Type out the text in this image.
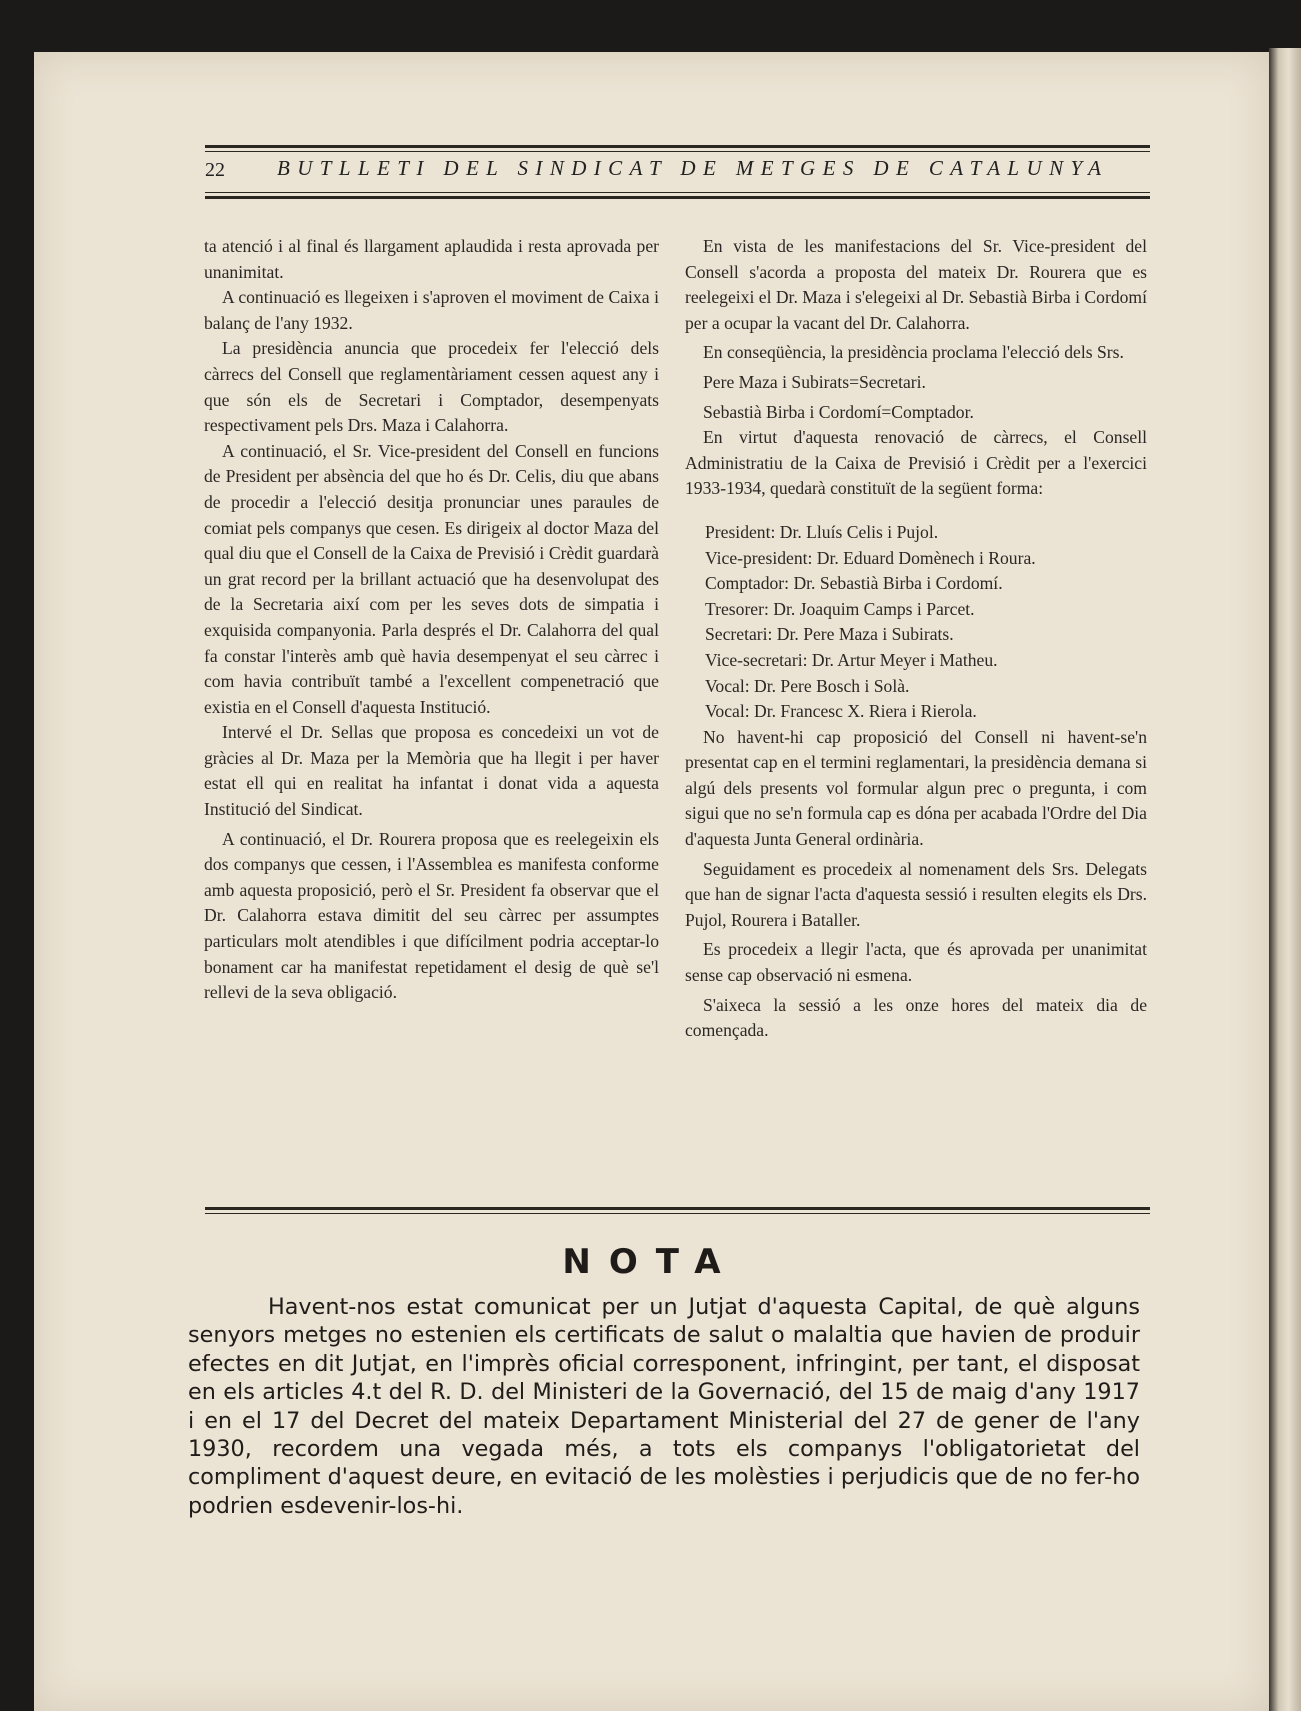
22 BUTLLETI DEL SINDICAT DE METGES DE CATALUNYA

ta atenció i al final és llargament aplaudida i resta aprovada per unanimitat.

A continuació es llegeixen i s'aproven el moviment de Caixa i balanç de l'any 1932.

La presidència anuncia que procedeix fer l'elecció dels càrrecs del Consell que reglamentàriament cessen aquest any i que són els de Secretari i Comptador, desempenyats respectivament pels Drs. Maza i Calahorra.

A continuació, el Sr. Vice-president del Consell en funcions de President per absència del que ho és Dr. Celis, diu que abans de procedir a l'elecció desitja pronunciar unes paraules de comiat pels companys que cesen. Es dirigeix al doctor Maza del qual diu que el Consell de la Caixa de Previsió i Crèdit guardarà un grat record per la brillant actuació que ha desenvolupat des de la Secretaria així com per les seves dots de simpatia i exquisida companyonia. Parla després el Dr. Calahorra del qual fa constar l'interès amb què havia desempenyat el seu càrrec i com havia contribuït també a l'excellent compenetració que existia en el Consell d'aquesta Institució.

Intervé el Dr. Sellas que proposa es concedeixi un vot de gràcies al Dr. Maza per la Memòria que ha llegit i per haver estat ell qui en realitat ha infantat i donat vida a aquesta Institució del Sindicat.

A continuació, el Dr. Rourera proposa que es reelegeixin els dos companys que cessen, i l'Assemblea es manifesta conforme amb aquesta proposició, però el Sr. President fa observar que el Dr. Calahorra estava dimitit del seu càrrec per assumptes particulars molt atendibles i que difícilment podria acceptar-lo bonament car ha manifestat repetidament el desig de què se'l rellevi de la seva obligació.

En vista de les manifestacions del Sr. Vice-president del Consell s'acorda a proposta del mateix Dr. Rourera que es reelegeixi el Dr. Maza i s'elegeixi al Dr. Sebastià Birba i Cordomí per a ocupar la vacant del Dr. Calahorra.

En conseqüència, la presidència proclama l'elecció dels Srs.

Pere Maza i Subirats=Secretari.

Sebastià Birba i Cordomí=Comptador.

En virtut d'aquesta renovació de càrrecs, el Consell Administratiu de la Caixa de Previsió i Crèdit per a l'exercici 1933-1934, quedarà constituït de la següent forma:

President: Dr. Lluís Celis i Pujol.

Vice-president: Dr. Eduard Domènech i Roura.

Comptador: Dr. Sebastià Birba i Cordomí.

Tresorer: Dr. Joaquim Camps i Parcet.

Secretari: Dr. Pere Maza i Subirats.

Vice-secretari: Dr. Artur Meyer i Matheu.

Vocal: Dr. Pere Bosch i Solà.

Vocal: Dr. Francesc X. Riera i Rierola.

No havent-hi cap proposició del Consell ni havent-se'n presentat cap en el termini reglamentari, la presidència demana si algú dels presents vol formular algun prec o pregunta, i com sigui que no se'n formula cap es dóna per acabada l'Ordre del Dia d'aquesta Junta General ordinària.

Seguidament es procedeix al nomenament dels Srs. Delegats que han de signar l'acta d'aquesta sessió i resulten elegits els Drs. Pujol, Rourera i Bataller.

Es procedeix a llegir l'acta, que és aprovada per unanimitat sense cap observació ni esmena.

S'aixeca la sessió a les onze hores del mateix dia de començada.

NOTA

Havent-nos estat comunicat per un Jutjat d'aquesta Capital, de què alguns senyors metges no estenien els certificats de salut o malaltia que havien de produir efectes en dit Jutjat, en l'imprès oficial corresponent, infringint, per tant, el disposat en els articles 4.t del R. D. del Ministeri de la Governació, del 15 de maig d'any 1917 i en el 17 del Decret del mateix Departament Ministerial del 27 de gener de l'any 1930, recordem una vegada més, a tots els companys l'obligatorietat del compliment d'aquest deure, en evitació de les molèsties i perjudicis que de no fer-ho podrien esdevenir-los-hi.
